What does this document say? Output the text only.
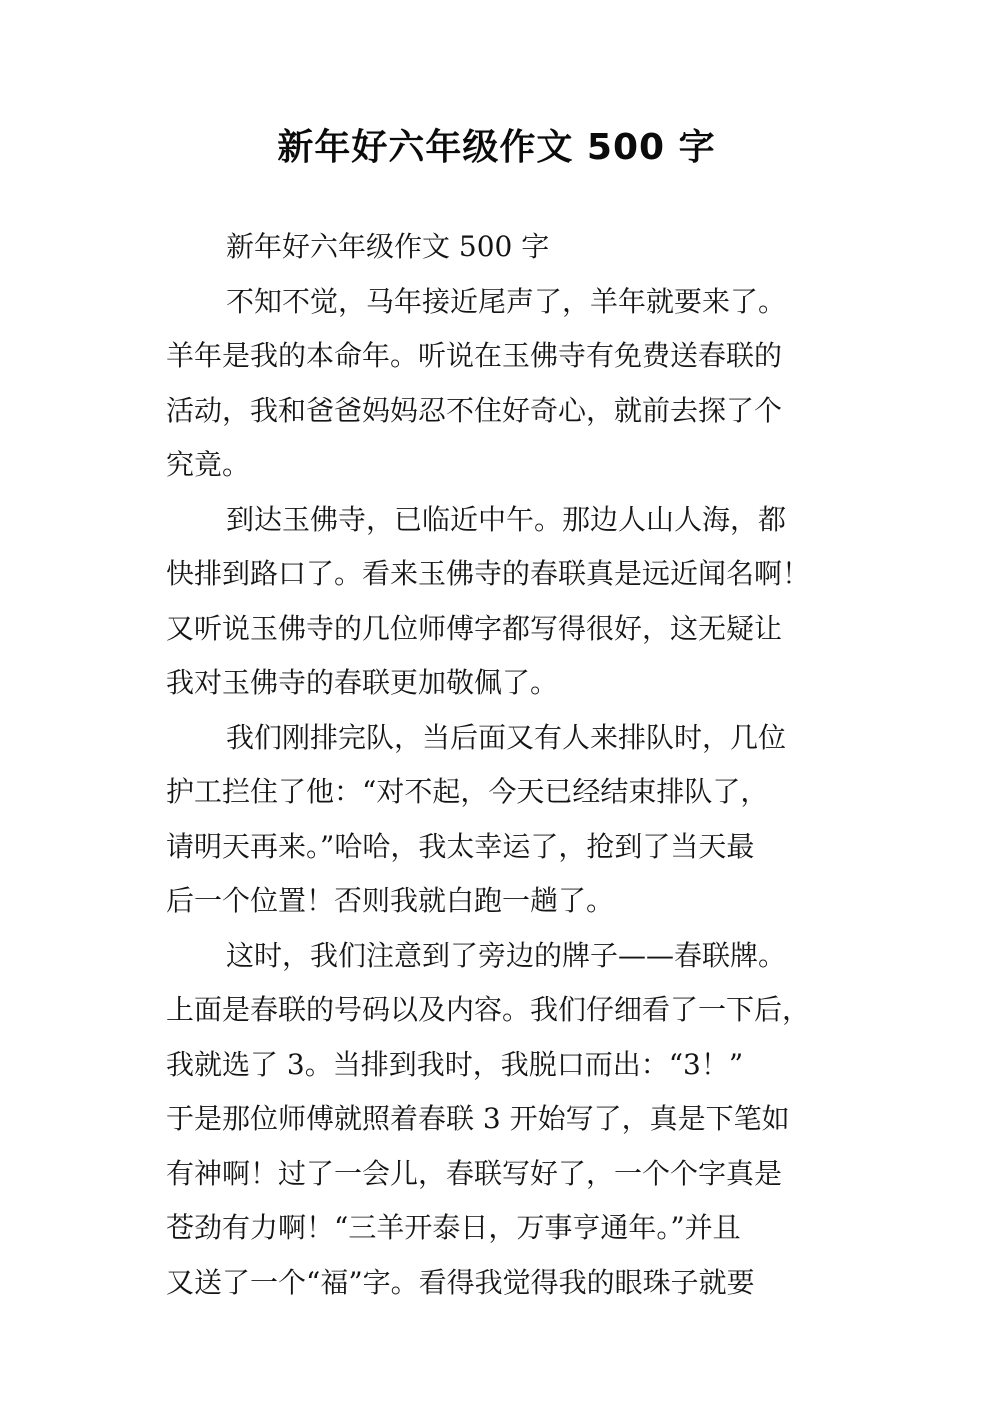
新年好六年级作文 500 字
新年好六年级作文 500 字
不知不觉，马年接近尾声了，羊年就要来了。
羊年是我的本命年。听说在玉佛寺有免费送春联的
活动，我和爸爸妈妈忍不住好奇心，就前去探了个
究竟。
到达玉佛寺，已临近中午。那边人山人海，都
快排到路口了。看来玉佛寺的春联真是远近闻名啊！
又听说玉佛寺的几位师傅字都写得很好，这无疑让
我对玉佛寺的春联更加敬佩了。
我们刚排完队，当后面又有人来排队时，几位
护工拦住了他：“对不起，今天已经结束排队了，
请明天再来。”哈哈，我太幸运了，抢到了当天最
后一个位置！否则我就白跑一趟了。
这时，我们注意到了旁边的牌子——春联牌。
上面是春联的号码以及内容。我们仔细看了一下后，
我就选了 3。当排到我时，我脱口而出：“3！”
于是那位师傅就照着春联 3 开始写了，真是下笔如
有神啊！过了一会儿，春联写好了，一个个字真是
苍劲有力啊！“三羊开泰日，万事亨通年。”并且
又送了一个“福”字。看得我觉得我的眼珠子就要
